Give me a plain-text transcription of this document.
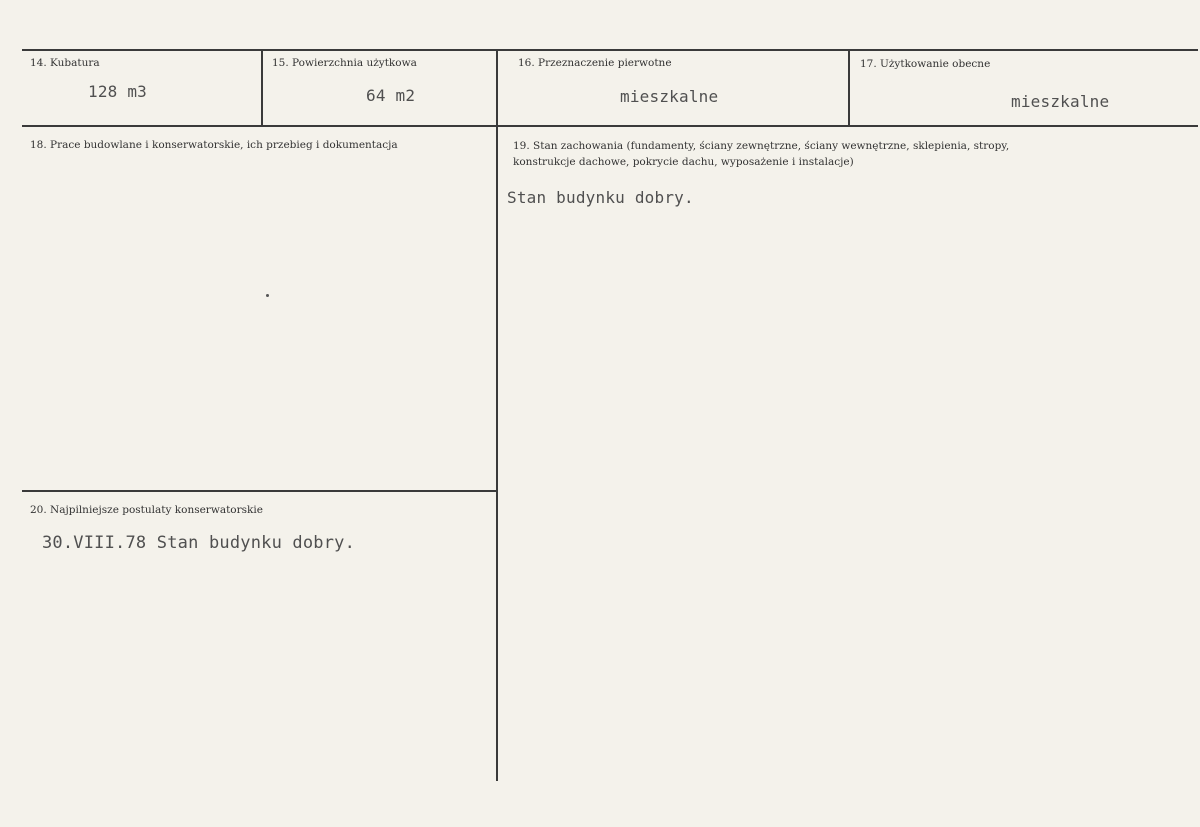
14. Kubatura
128 m3
15. Powierzchnia użytkowa
64 m2
16. Przeznaczenie pierwotne
mieszkalne
17. Użytkowanie obecne
mieszkalne
18. Prace budowlane i konserwatorskie, ich przebieg i dokumentacja	19. Stan zachowania (fundamenty, ściany zewnętrzne, ściany wewnętrzne, sklepienia, stropy,
konstrukcje dachowe, pokrycie dachu, wyposażenie i instalacje)
Stan budynku dobry.
20. Najpilniejsze postulaty konserwatorskie
30.VIII.78 Stan budynku dobry.
